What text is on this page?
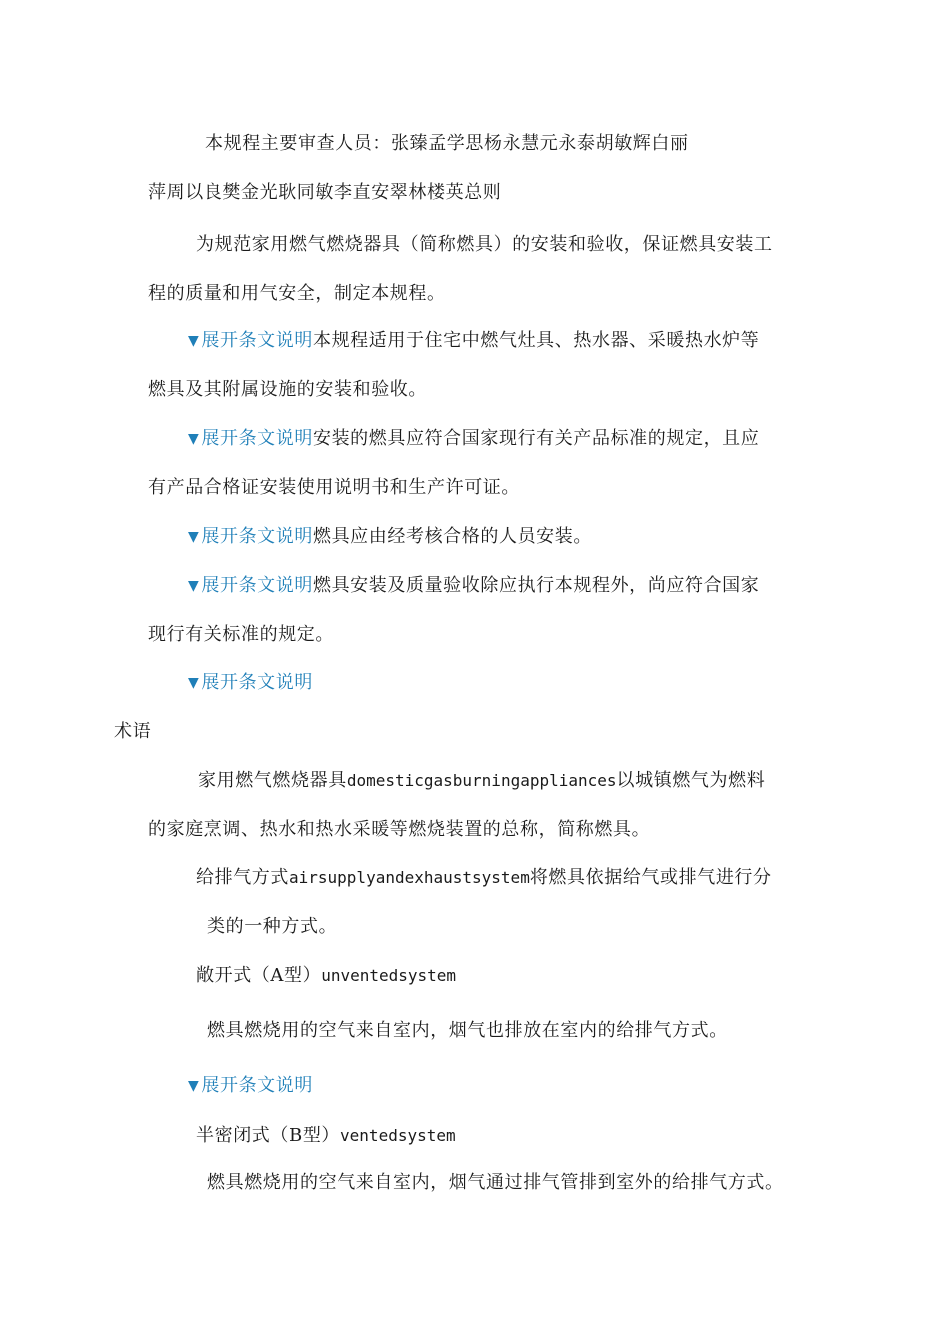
本规程主要审查人员：张臻孟学思杨永慧元永泰胡敏辉白丽
萍周以良樊金光耿同敏李直安翠林楼英总则
为规范家用燃气燃烧器具（简称燃具）的安装和验收，保证燃具安装工
程的质量和用气安全，制定本规程。
▼ 展开条文说明本规程适用于住宅中燃气灶具、热水器、采暖热水炉等
燃具及其附属设施的安装和验收。
▼ 展开条文说明安装的燃具应符合国家现行有关产品标准的规定，且应
有产品合格证安装使用说明书和生产许可证。
▼ 展开条文说明燃具应由经考核合格的人员安装。
▼ 展开条文说明燃具安装及质量验收除应执行本规程外，尚应符合国家
现行有关标准的规定。
▼ 展开条文说明
术语
家用燃气燃烧器具domesticgasburningappliances以城镇燃气为燃料
的家庭烹调、热水和热水采暖等燃烧装置的总称，简称燃具。
给排气方式airsupplyandexhaustsystem将燃具依据给气或排气进行分
类的一种方式。
敞开式（A型）unventedsystem
燃具燃烧用的空气来自室内，烟气也排放在室内的给排气方式。
▼ 展开条文说明
半密闭式（B型）ventedsystem
燃具燃烧用的空气来自室内，烟气通过排气管排到室外的给排气方式。
